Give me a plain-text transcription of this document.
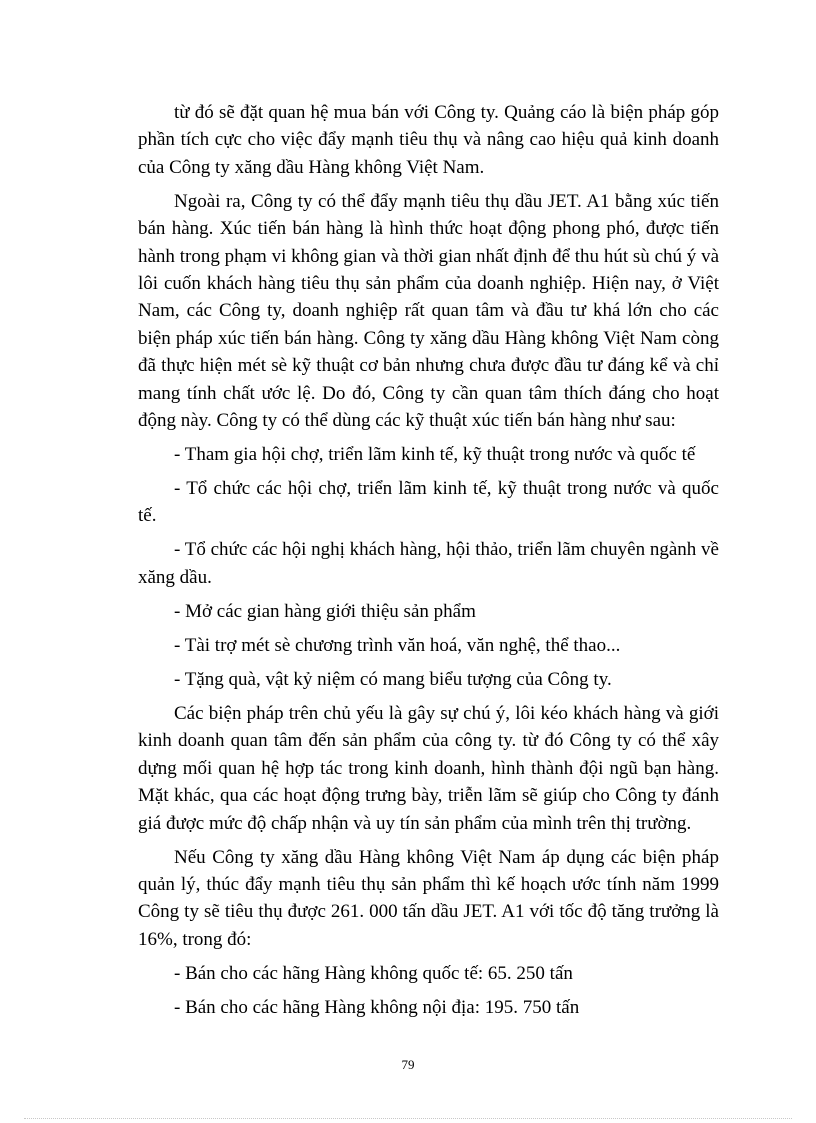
từ đó sẽ đặt quan hệ mua bán với Công ty. Quảng cáo là biện pháp góp phần tích cực cho việc đẩy mạnh tiêu thụ và nâng cao hiệu quả kinh doanh của Công ty xăng dầu Hàng không Việt Nam.

Ngoài ra, Công ty có thể đẩy mạnh tiêu thụ dầu JET. A1 bằng xúc tiến bán hàng. Xúc tiến bán hàng là hình thức hoạt động phong phó, được tiến hành trong phạm vi không gian và thời gian nhất định để thu hút sù chú ý và lôi cuốn khách hàng tiêu thụ sản phẩm của doanh nghiệp. Hiện nay, ở Việt Nam, các Công ty, doanh nghiệp rất quan tâm và đầu tư khá lớn cho các biện pháp xúc tiến bán hàng. Công ty xăng dầu Hàng không Việt Nam còng đã thực hiện mét sè kỹ thuật cơ bản nhưng chưa được đầu tư đáng kể và chỉ mang tính chất ước lệ. Do đó, Công ty cần quan tâm thích đáng cho hoạt động này. Công ty có thể dùng các kỹ thuật xúc tiến bán hàng như sau:

- Tham gia hội chợ, triển lãm kinh tế, kỹ thuật trong nước và quốc tế

- Tổ chức các hội chợ, triển lãm kinh tế, kỹ thuật trong nước và quốc tế.

- Tổ chức các hội nghị khách hàng, hội thảo, triển lãm chuyên ngành về xăng dầu.

- Mở các gian hàng giới thiệu sản phẩm

- Tài trợ mét sè chương trình văn hoá, văn nghệ, thể thao...

- Tặng quà, vật kỷ niệm có mang biểu tượng của Công ty.

Các biện pháp trên chủ yếu là gây sự chú ý, lôi kéo khách hàng và giới kinh doanh quan tâm đến sản phẩm của công ty. từ đó Công ty có thể xây dựng mối quan hệ hợp tác trong kinh doanh, hình thành đội ngũ bạn hàng. Mặt khác, qua các hoạt động trưng bày, triễn lãm sẽ giúp cho Công ty đánh giá được mức độ chấp nhận và uy tín sản phẩm của mình trên thị trường.

Nếu Công ty xăng dầu Hàng không Việt Nam áp dụng các biện pháp quản lý, thúc đẩy mạnh tiêu thụ sản phẩm thì kế hoạch ước tính năm 1999 Công ty sẽ tiêu thụ được 261. 000 tấn dầu JET. A1 với tốc độ tăng trưởng là 16%, trong đó:

- Bán cho các hãng Hàng không quốc tế: 65. 250 tấn

- Bán cho các hãng Hàng không nội địa: 195. 750 tấn

79
